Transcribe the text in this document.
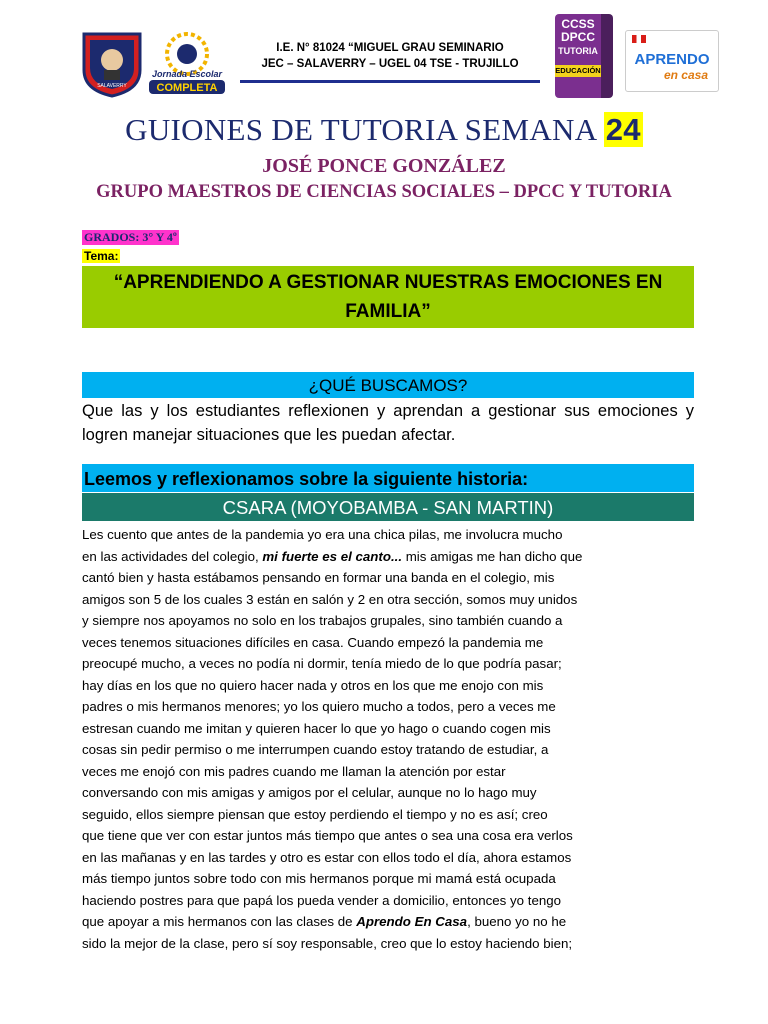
SALAVERRY
Jornada Escolar
COMPLETA
I.E. N° 81024 “MIGUEL GRAU SEMINARIO
JEC – SALAVERRY – UGEL 04 TSE - TRUJILLO
CCSS
DPCC
TUTORIA
EDUCACIÓN
APRENDO
en casa
GUIONES DE TUTORIA SEMANA 24
JOSÉ PONCE GONZÁLEZ
GRUPO MAESTROS DE CIENCIAS SOCIALES – DPCC Y TUTORIA
GRADOS: 3° Y 4º
Tema:
“APRENDIENDO A GESTIONAR NUESTRAS EMOCIONES EN FAMILIA”
¿QUÉ BUSCAMOS?
Que las y los estudiantes reflexionen y aprendan a gestionar sus emociones y logren manejar situaciones que les puedan afectar.
Leemos y reflexionamos sobre la siguiente historia:
CSARA (MOYOBAMBA - SAN MARTIN)
Les cuento que antes de la pandemia yo era una chica pilas, me involucra mucho
en las actividades del colegio, mi fuerte es el canto... mis amigas me han dicho que
cantó bien y hasta estábamos pensando en formar una banda en el colegio, mis
amigos son 5 de los cuales 3 están en salón y 2 en otra sección, somos muy unidos
y siempre nos apoyamos no solo en los trabajos grupales, sino también cuando a
veces tenemos situaciones difíciles en casa. Cuando empezó la pandemia me
preocupé mucho, a veces no podía ni dormir, tenía miedo de lo que podría pasar;
hay días en los que no quiero hacer nada y otros en los que me enojo con mis
padres o mis hermanos menores; yo los quiero mucho a todos, pero a veces me
estresan cuando me imitan y quieren hacer lo que yo hago o cuando cogen mis
cosas sin pedir permiso o me interrumpen cuando estoy tratando de estudiar, a
veces me enojó con mis padres cuando me llaman la atención por estar
conversando con mis amigas y amigos por el celular, aunque no lo hago muy
seguido, ellos siempre piensan que estoy perdiendo el tiempo y no es así; creo
que tiene que ver con estar juntos más tiempo que antes o sea una cosa era verlos
en las mañanas y en las tardes y otro es estar con ellos todo el día, ahora estamos
más tiempo juntos sobre todo con mis hermanos porque mi mamá está ocupada
haciendo postres para que papá los pueda vender a domicilio, entonces yo tengo
que apoyar a mis hermanos con las clases de Aprendo En Casa, bueno yo no he
sido la mejor de la clase, pero sí soy responsable, creo que lo estoy haciendo bien;
